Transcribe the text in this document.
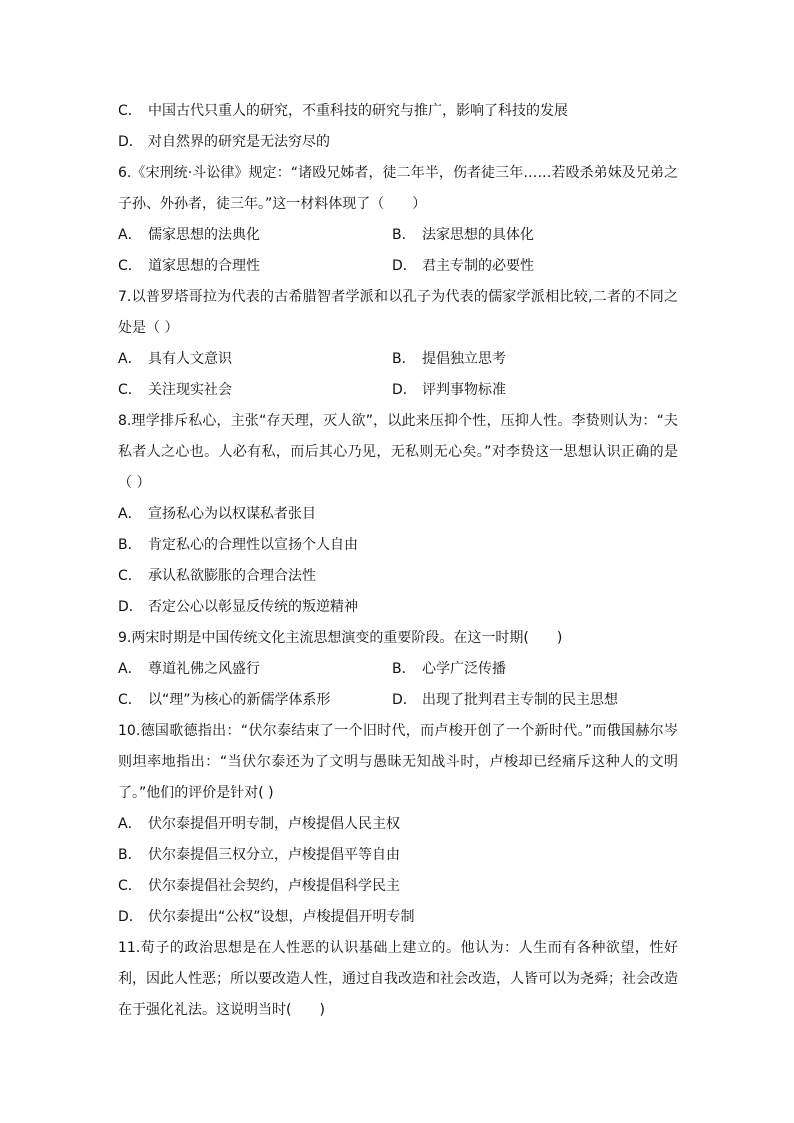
C． 中国古代只重人的研究，不重科技的研究与推广，影响了科技的发展
D． 对自然界的研究是无法穷尽的
6.《宋刑统·斗讼律》规定：“诸殴兄姊者，徒二年半，伤者徒三年……若殴杀弟妹及兄弟之子孙、外孙者，徒三年。”这一材料体现了（　　）
A． 儒家思想的法典化	B． 法家思想的具体化
C． 道家思想的合理性	D． 君主专制的必要性
7.以普罗塔哥拉为代表的古希腊智者学派和以孔子为代表的儒家学派相比较,二者的不同之处是（ ）
A． 具有人文意识	B． 提倡独立思考
C． 关注现实社会	D． 评判事物标准
8.理学排斥私心，主张“存天理，灭人欲”，以此来压抑个性，压抑人性。李贽则认为：“夫私者人之心也。人必有私，而后其心乃见，无私则无心矣。”对李贽这一思想认识正确的是（ ）
A． 宣扬私心为以权谋私者张目
B． 肯定私心的合理性以宣扬个人自由
C． 承认私欲膨胀的合理合法性
D． 否定公心以彰显反传统的叛逆精神
9.两宋时期是中国传统文化主流思想演变的重要阶段。在这一时期(　　)
A． 尊道礼佛之风盛行	B． 心学广泛传播
C． 以“理”为核心的新儒学体系形	D． 出现了批判君主专制的民主思想
10.德国歌德指出：“伏尔泰结束了一个旧时代，而卢梭开创了一个新时代。”而俄国赫尔岑则坦率地指出：“当伏尔泰还为了文明与愚昧无知战斗时，卢梭却已经痛斥这种人的文明了。”他们的评价是针对( )
A． 伏尔泰提倡开明专制，卢梭提倡人民主权
B． 伏尔泰提倡三权分立，卢梭提倡平等自由
C． 伏尔泰提倡社会契约，卢梭提倡科学民主
D． 伏尔泰提出“公权”设想，卢梭提倡开明专制
11.荀子的政治思想是在人性恶的认识基础上建立的。他认为：人生而有各种欲望，性好利，因此人性恶；所以要改造人性，通过自我改造和社会改造，人皆可以为尧舜；社会改造在于强化礼法。这说明当时(　　)
